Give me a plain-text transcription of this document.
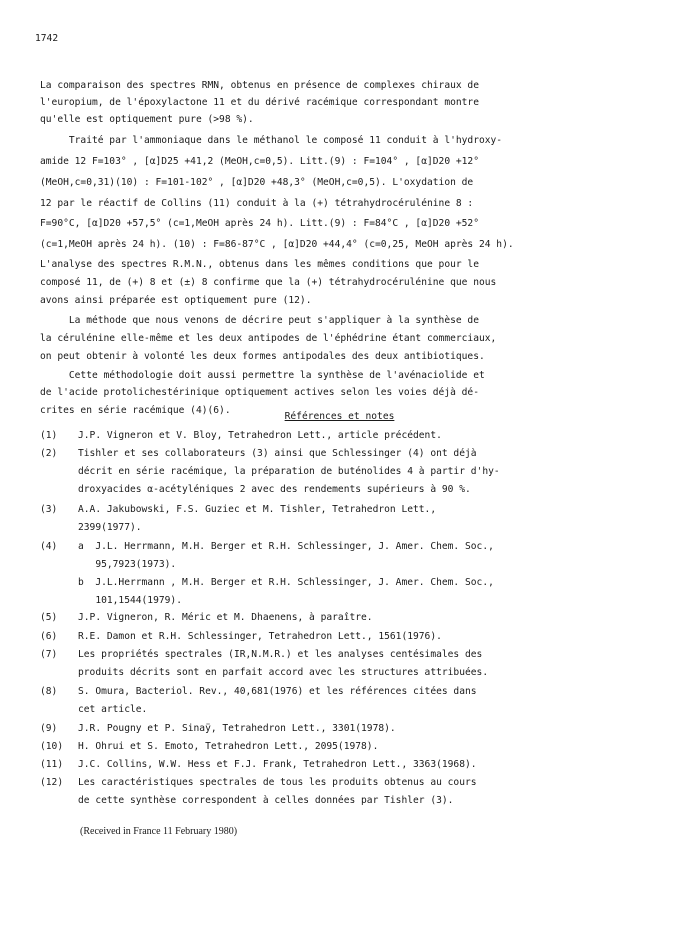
1742
La comparaison des spectres RMN, obtenus en présence de complexes chiraux de
l'europium, de l'époxylactone 11 et du dérivé racémique correspondant montre
qu'elle est optiquement pure (>98 %).
Traité par l'ammoniaque dans le méthanol le composé 11 conduit à l'hydroxy-
amide 12 F=103° , [α]D25 +41,2 (MeOH,c=0,5). Litt.(9) : F=104° , [α]D20 +12°
(MeOH,c=0,31)(10) : F=101-102° , [α]D20 +48,3° (MeOH,c=0,5). L'oxydation de
12 par le réactif de Collins (11) conduit à la (+) tétrahydrocérulénine 8 :
F=90°C, [α]D20 +57,5° (c=1,MeOH après 24 h). Litt.(9) : F=84°C , [α]D20 +52°
(c=1,MeOH après 24 h). (10) : F=86-87°C , [α]D20 +44,4° (c=0,25, MeOH après 24 h).
L'analyse des spectres R.M.N., obtenus dans les mêmes conditions que pour le
composé 11, de (+) 8 et (±) 8 confirme que la (+) tétrahydrocérulénine que nous
avons ainsi préparée est optiquement pure (12).
La méthode que nous venons de décrire peut s'appliquer à la synthèse de
la cérulénine elle-même et les deux antipodes de l'éphédrine étant commerciaux,
on peut obtenir à volonté les deux formes antipodales des deux antibiotiques.
Cette méthodologie doit aussi permettre la synthèse de l'avénaciolide et
de l'acide protolichestérinique optiquement actives selon les voies déjà dé-
crites en série racémique (4)(6).
Références et notes
(1) J.P. Vigneron et V. Bloy, Tetrahedron Lett., article précédent.
(2) Tishler et ses collaborateurs (3) ainsi que Schlessinger (4) ont déjà
décrit en série racémique, la préparation de buténolides 4 à partir d'hy-
droxyacides α-acétyléniques 2 avec des rendements supérieurs à 90 %.
(3) A.A. Jakubowski, F.S. Guziec et M. Tishler, Tetrahedron Lett.,
2399(1977).
(4) a  J.L. Herrmann, M.H. Berger et R.H. Schlessinger, J. Amer. Chem. Soc.,
95,7923(1973).
b  J.L.Herrmann , M.H. Berger et R.H. Schlessinger, J. Amer. Chem. Soc.,
101,1544(1979).
(5) J.P. Vigneron, R. Méric et M. Dhaenens, à paraître.
(6) R.E. Damon et R.H. Schlessinger, Tetrahedron Lett., 1561(1976).
(7) Les propriétés spectrales (IR,N.M.R.) et les analyses centésimales des
produits décrits sont en parfait accord avec les structures attribuées.
(8) S. Omura, Bacteriol. Rev., 40,681(1976) et les références citées dans
cet article.
(9) J.R. Pougny et P. Sinaÿ, Tetrahedron Lett., 3301(1978).
(10) H. Ohrui et S. Emoto, Tetrahedron Lett., 2095(1978).
(11) J.C. Collins, W.W. Hess et F.J. Frank, Tetrahedron Lett., 3363(1968).
(12) Les caractéristiques spectrales de tous les produits obtenus au cours
de cette synthèse correspondent à celles données par Tishler (3).
(Received in France 11 February 1980)
